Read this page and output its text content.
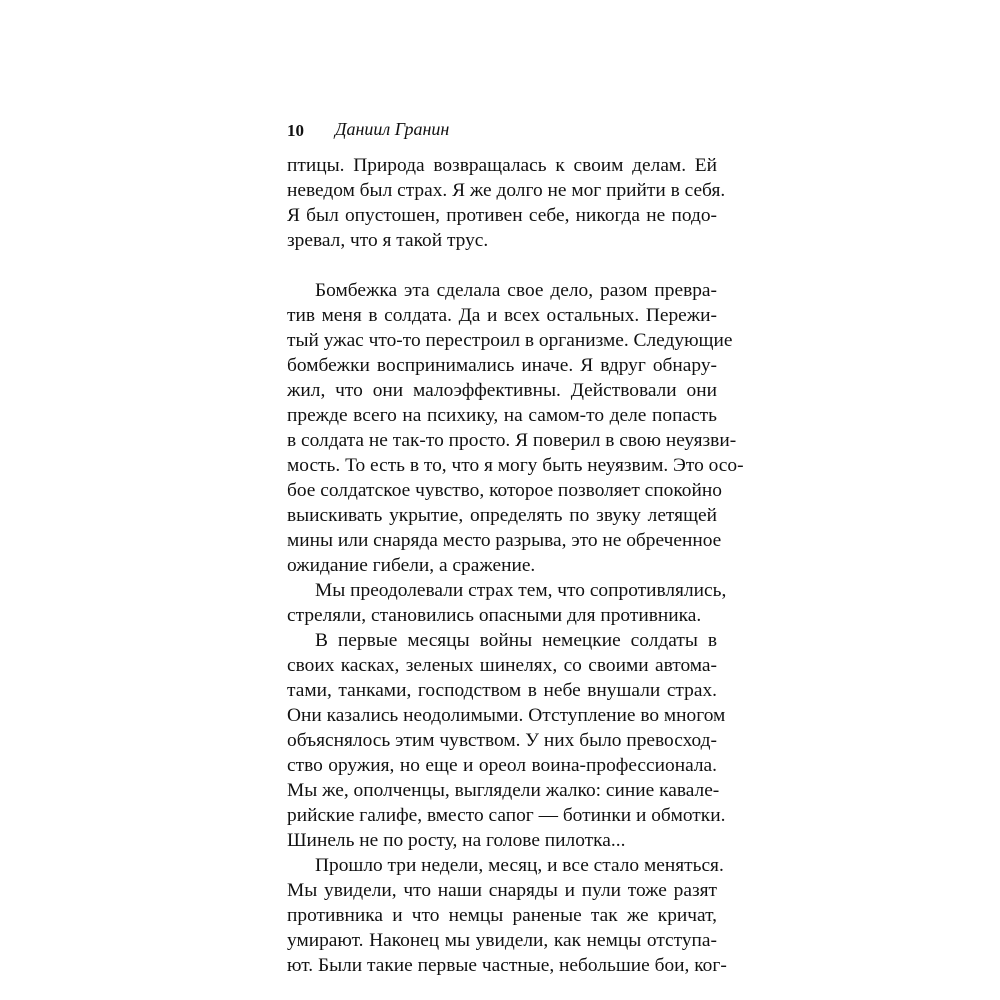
10 Даниил Гранин
птицы. Природа возвращалась к своим делам. Ей
неведом был страх. Я же долго не мог прийти в себя.
Я был опустошен, противен себе, никогда не подо-
зревал, что я такой трус.
Бомбежка эта сделала свое дело, разом превра-
тив меня в солдата. Да и всех остальных. Пережи-
тый ужас что-то перестроил в организме. Следующие
бомбежки воспринимались иначе. Я вдруг обнару-
жил, что они малоэффективны. Действовали они
прежде всего на психику, на самом-то деле попасть
в солдата не так-то просто. Я поверил в свою неуязви-
мость. То есть в то, что я могу быть неуязвим. Это осо-
бое солдатское чувство, которое позволяет спокойно
выискивать укрытие, определять по звуку летящей
мины или снаряда место разрыва, это не обреченное
ожидание гибели, а сражение.
Мы преодолевали страх тем, что сопротивлялись,
стреляли, становились опасными для противника.
В первые месяцы войны немецкие солдаты в
своих касках, зеленых шинелях, со своими автома-
тами, танками, господством в небе внушали страх.
Они казались неодолимыми. Отступление во многом
объяснялось этим чувством. У них было превосход-
ство оружия, но еще и ореол воина-профессионала.
Мы же, ополченцы, выглядели жалко: синие кавале-
рийские галифе, вместо сапог — ботинки и обмотки.
Шинель не по росту, на голове пилотка...
Прошло три недели, месяц, и все стало меняться.
Мы увидели, что наши снаряды и пули тоже разят
противника и что немцы раненые так же кричат,
умирают. Наконец мы увидели, как немцы отступа-
ют. Были такие первые частные, небольшие бои, ког-
